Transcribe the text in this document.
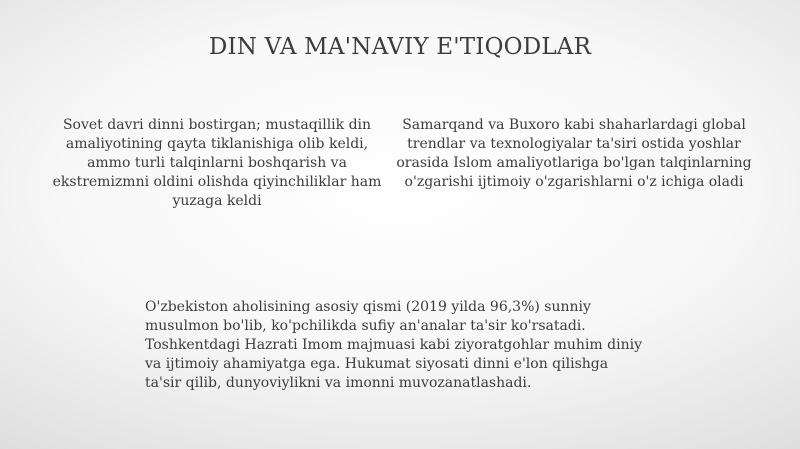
DIN VA MA'NAVIY E'TIQODLAR

Sovet davri dinni bostirgan; mustaqillik din amaliyotining qayta tiklanishiga olib keldi, ammo turli talqinlarni boshqarish va ekstremizmni oldini olishda qiyinchiliklar ham yuzaga keldi

Samarqand va Buxoro kabi shaharlardagi global trendlar va texnologiyalar ta'siri ostida yoshlar orasida Islom amaliyotlariga bo'lgan talqinlarning o'zgarishi ijtimoiy o'zgarishlarni o'z ichiga oladi

O'zbekiston aholisining asosiy qismi (2019 yilda 96,3%) sunniy musulmon bo'lib, ko'pchilikda sufiy an'analar ta'sir ko'rsatadi. Toshkentdagi Hazrati Imom majmuasi kabi ziyoratgohlar muhim diniy va ijtimoiy ahamiyatga ega. Hukumat siyosati dinni e'lon qilishga ta'sir qilib, dunyoviylikni va imonni muvozanatlashadi.
